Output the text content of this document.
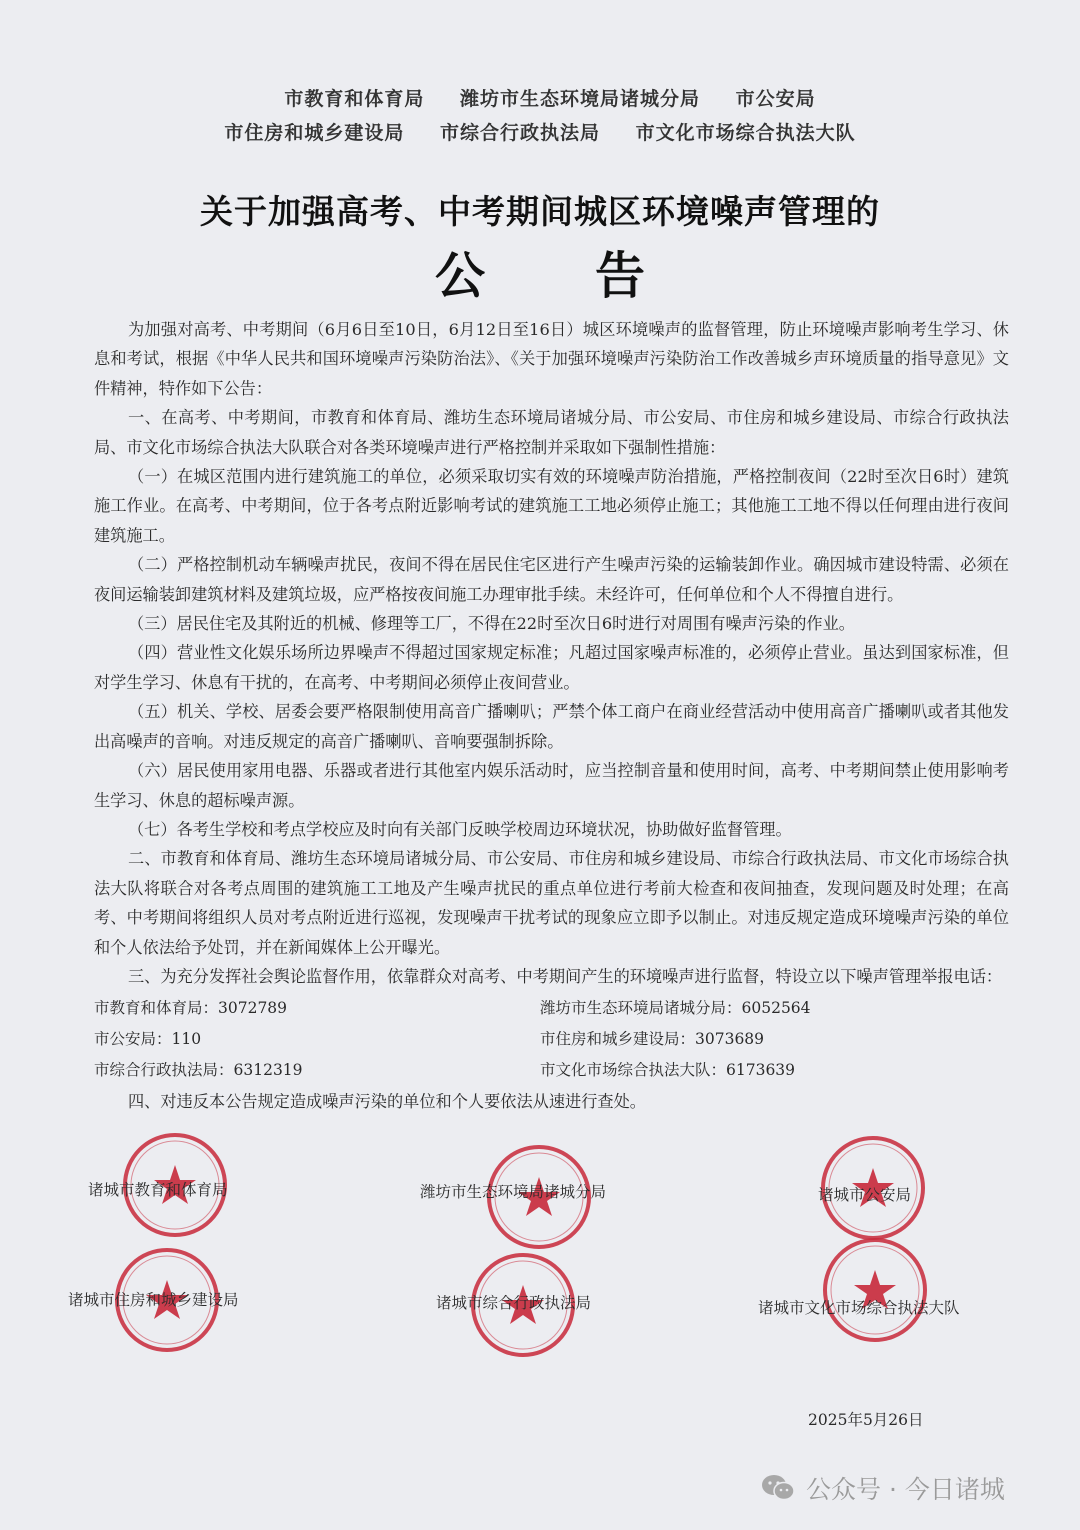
市教育和体育局 潍坊市生态环境局诸城分局 市公安局
市住房和城乡建设局 市综合行政执法局 市文化市场综合执法大队
关于加强高考、中考期间城区环境噪声管理的
公告

为加强对高考、中考期间（6月6日至10日，6月12日至16日）城区环境噪声的监督管理，防止环境噪声影响考生学习、休息和考试，根据《中华人民共和国环境噪声污染防治法》、《关于加强环境噪声污染防治工作改善城乡声环境质量的指导意见》文件精神，特作如下公告：

一、在高考、中考期间，市教育和体育局、潍坊生态环境局诸城分局、市公安局、市住房和城乡建设局、市综合行政执法局、市文化市场综合执法大队联合对各类环境噪声进行严格控制并采取如下强制性措施：

（一）在城区范围内进行建筑施工的单位，必须采取切实有效的环境噪声防治措施，严格控制夜间（22时至次日6时）建筑施工作业。在高考、中考期间，位于各考点附近影响考试的建筑施工工地必须停止施工；其他施工工地不得以任何理由进行夜间建筑施工。

（二）严格控制机动车辆噪声扰民，夜间不得在居民住宅区进行产生噪声污染的运输装卸作业。确因城市建设特需、必须在夜间运输装卸建筑材料及建筑垃圾，应严格按夜间施工办理审批手续。未经许可，任何单位和个人不得擅自进行。

（三）居民住宅及其附近的机械、修理等工厂，不得在22时至次日6时进行对周围有噪声污染的作业。

（四）营业性文化娱乐场所边界噪声不得超过国家规定标准；凡超过国家噪声标准的，必须停止营业。虽达到国家标准，但对学生学习、休息有干扰的，在高考、中考期间必须停止夜间营业。

（五）机关、学校、居委会要严格限制使用高音广播喇叭；严禁个体工商户在商业经营活动中使用高音广播喇叭或者其他发出高噪声的音响。对违反规定的高音广播喇叭、音响要强制拆除。

（六）居民使用家用电器、乐器或者进行其他室内娱乐活动时，应当控制音量和使用时间，高考、中考期间禁止使用影响考生学习、休息的超标噪声源。

（七）各考生学校和考点学校应及时向有关部门反映学校周边环境状况，协助做好监督管理。

二、市教育和体育局、潍坊生态环境局诸城分局、市公安局、市住房和城乡建设局、市综合行政执法局、市文化市场综合执法大队将联合对各考点周围的建筑施工工地及产生噪声扰民的重点单位进行考前大检查和夜间抽查，发现问题及时处理；在高考、中考期间将组织人员对考点附近进行巡视，发现噪声干扰考试的现象应立即予以制止。对违反规定造成环境噪声污染的单位和个人依法给予处罚，并在新闻媒体上公开曝光。

三、为充分发挥社会舆论监督作用，依靠群众对高考、中考期间产生的环境噪声进行监督，特设立以下噪声管理举报电话：

市教育和体育局：3072789	潍坊市生态环境局诸城分局：6052564
市公安局：110	市住房和城乡建设局：3073689
市综合行政执法局：6312319	市文化市场综合执法大队：6173639
四、对违反本公告规定造成噪声污染的单位和个人要依法从速进行查处。
诸城市教育和体育局	潍坊市生态环境局诸城分局	诸城市公安局
诸城市住房和城乡建设局	诸城市综合行政执法局	诸城市文化市场综合执法大队
2025年5月26日
公众号 · 今日诸城
